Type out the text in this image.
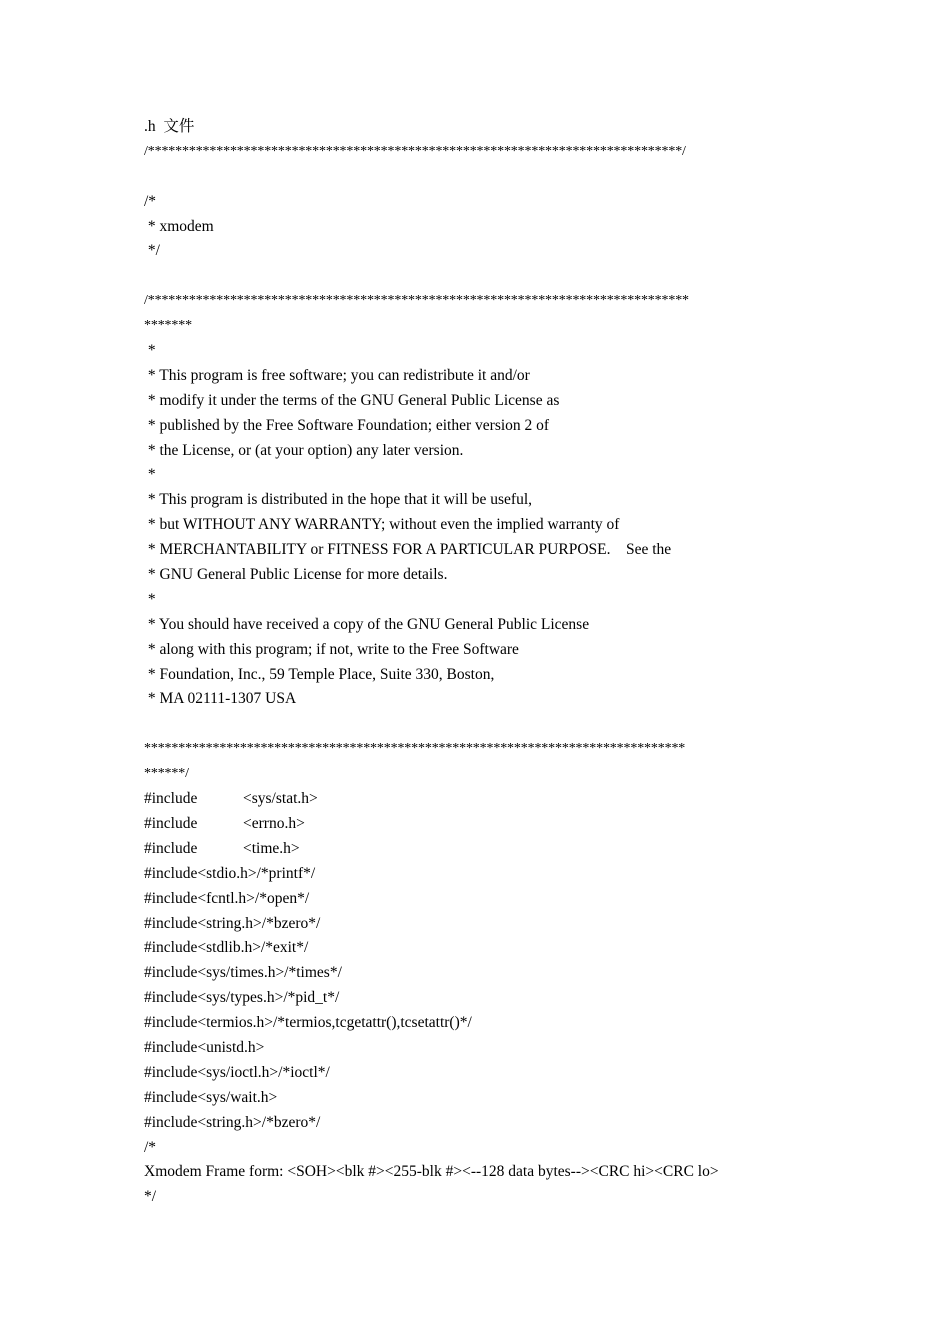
.h  文件
/******************************************************************************/
/*
* xmodem
*/
/*******************************************************************************
*******
*
* This program is free software; you can redistribute it and/or
* modify it under the terms of the GNU General Public License as
* published by the Free Software Foundation; either version 2 of
* the License, or (at your option) any later version.
*
* This program is distributed in the hope that it will be useful,
* but WITHOUT ANY WARRANTY; without even the implied warranty of
* MERCHANTABILITY or FITNESS FOR A PARTICULAR PURPOSE.    See the
* GNU General Public License for more details.
*
* You should have received a copy of the GNU General Public License
* along with this program; if not, write to the Free Software
* Foundation, Inc., 59 Temple Place, Suite 330, Boston,
* MA 02111-1307 USA
*******************************************************************************
******/
#include	<sys/stat.h>
#include	<errno.h>
#include	<time.h>
#include<stdio.h>/*printf*/
#include<fcntl.h>/*open*/
#include<string.h>/*bzero*/
#include<stdlib.h>/*exit*/
#include<sys/times.h>/*times*/
#include<sys/types.h>/*pid_t*/
#include<termios.h>/*termios,tcgetattr(),tcsetattr()*/
#include<unistd.h>
#include<sys/ioctl.h>/*ioctl*/
#include<sys/wait.h>
#include<string.h>/*bzero*/
/*
Xmodem Frame form: <SOH><blk #><255-blk #><--128 data bytes--><CRC hi><CRC lo>
*/
